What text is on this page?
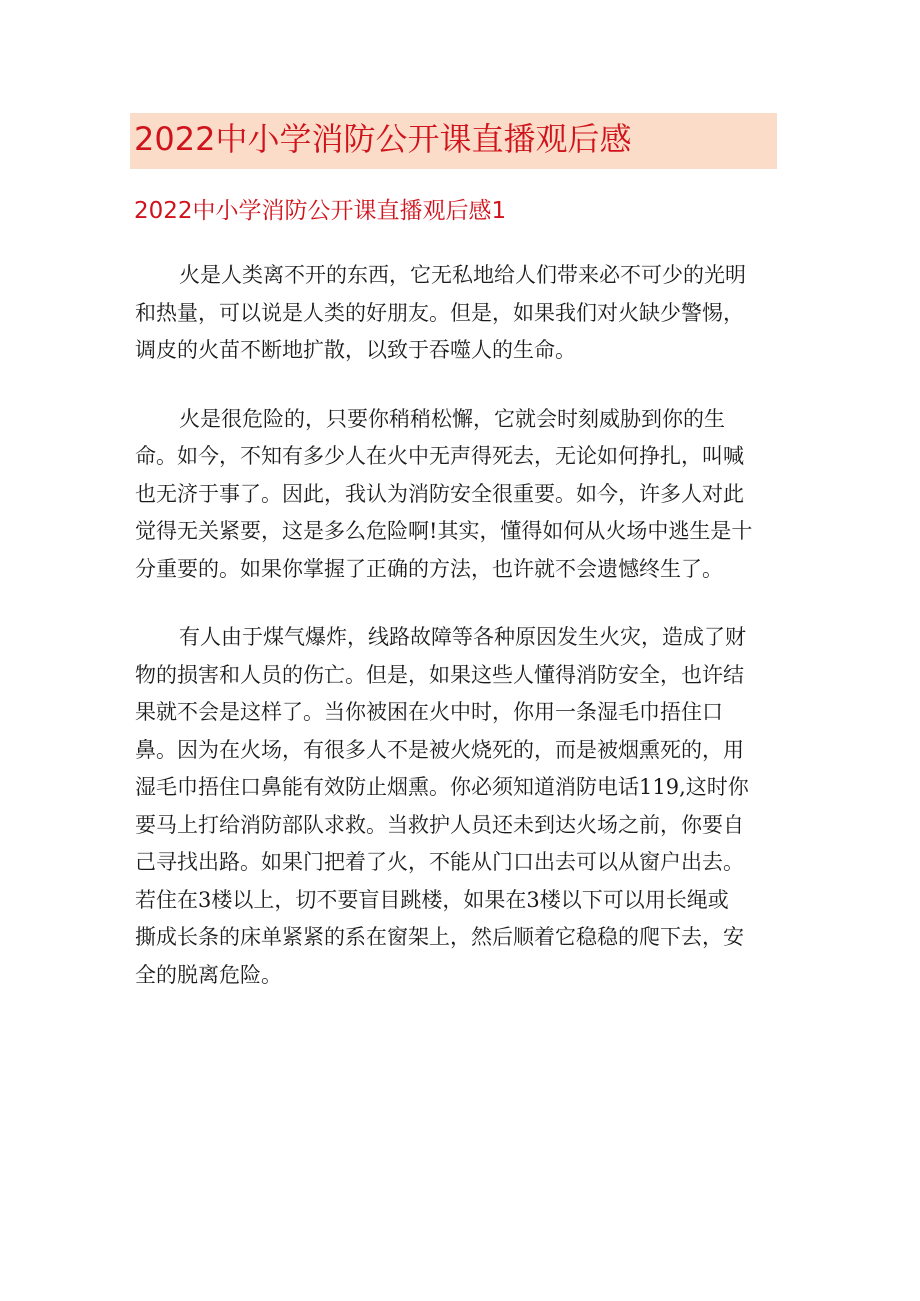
2022中小学消防公开课直播观后感
2022中小学消防公开课直播观后感1

火是人类离不开的东西，它无私地给人们带来必不可少的光明
和热量，可以说是人类的好朋友。但是，如果我们对火缺少警惕，
调皮的火苗不断地扩散，以致于吞噬人的生命。

火是很危险的，只要你稍稍松懈，它就会时刻威胁到你的生
命。如今，不知有多少人在火中无声得死去，无论如何挣扎，叫喊
也无济于事了。因此，我认为消防安全很重要。如今，许多人对此
觉得无关紧要，这是多么危险啊!其实，懂得如何从火场中逃生是十
分重要的。如果你掌握了正确的方法，也许就不会遗憾终生了。

有人由于煤气爆炸，线路故障等各种原因发生火灾，造成了财
物的损害和人员的伤亡。但是，如果这些人懂得消防安全，也许结
果就不会是这样了。当你被困在火中时，你用一条湿毛巾捂住口
鼻。因为在火场，有很多人不是被火烧死的，而是被烟熏死的，用
湿毛巾捂住口鼻能有效防止烟熏。你必须知道消防电话119,这时你
要马上打给消防部队求救。当救护人员还未到达火场之前，你要自
己寻找出路。如果门把着了火，不能从门口出去可以从窗户出去。
若住在3楼以上，切不要盲目跳楼，如果在3楼以下可以用长绳或
撕成长条的床单紧紧的系在窗架上，然后顺着它稳稳的爬下去，安
全的脱离危险。
